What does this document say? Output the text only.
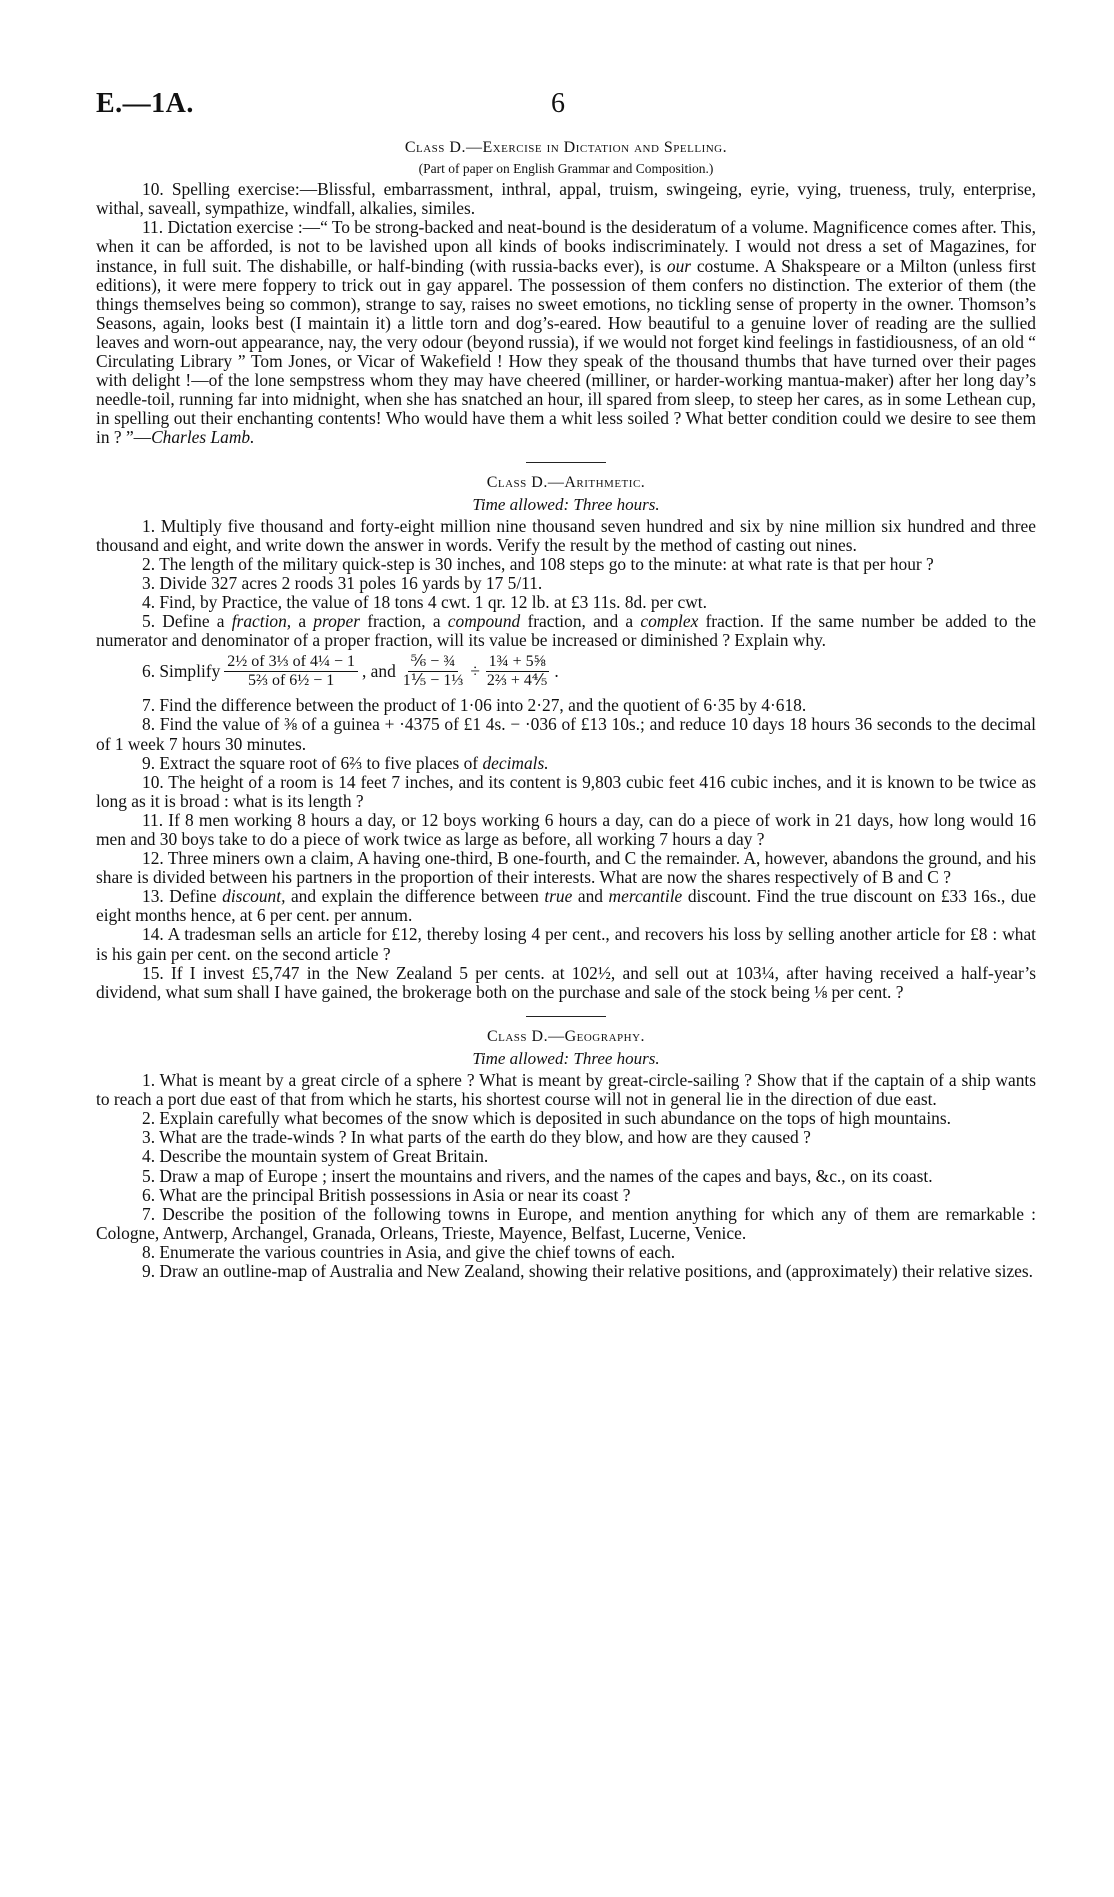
E.—1A.	6

Class D.—Exercise in Dictation and Spelling.

(Part of paper on English Grammar and Composition.)

10. Spelling exercise:—Blissful, embarrassment, inthral, appal, truism, swingeing, eyrie, vying, trueness, truly, enterprise, withal, saveall, sympathize, windfall, alkalies, similes.

11. Dictation exercise :—“ To be strong-backed and neat-bound is the desideratum of a volume. Magnificence comes after. This, when it can be afforded, is not to be lavished upon all kinds of books indiscriminately. I would not dress a set of Magazines, for instance, in full suit. The dishabille, or half-binding (with russia-backs ever), is our costume. A Shakspeare or a Milton (unless first editions), it were mere foppery to trick out in gay apparel. The possession of them confers no distinction. The exterior of them (the things themselves being so common), strange to say, raises no sweet emotions, no tickling sense of property in the owner. Thomson’s Seasons, again, looks best (I maintain it) a little torn and dog’s-eared. How beautiful to a genuine lover of reading are the sullied leaves and worn-out appearance, nay, the very odour (beyond russia), if we would not forget kind feelings in fastidiousness, of an old “ Circulating Library ” Tom Jones, or Vicar of Wakefield ! How they speak of the thousand thumbs that have turned over their pages with delight !—of the lone sempstress whom they may have cheered (milliner, or harder-working mantua-maker) after her long day’s needle-toil, running far into midnight, when she has snatched an hour, ill spared from sleep, to steep her cares, as in some Lethean cup, in spelling out their enchanting contents! Who would have them a whit less soiled ? What better condition could we desire to see them in ? ”—Charles Lamb.

Class D.—Arithmetic.

Time allowed: Three hours.

1. Multiply five thousand and forty-eight million nine thousand seven hundred and six by nine million six hundred and three thousand and eight, and write down the answer in words. Verify the result by the method of casting out nines.

2. The length of the military quick-step is 30 inches, and 108 steps go to the minute: at what rate is that per hour ?

3. Divide 327 acres 2 roods 31 poles 16 yards by 17 5/11.

4. Find, by Practice, the value of 18 tons 4 cwt. 1 qr. 12 lb. at £3 11s. 8d. per cwt.

5. Define a fraction, a proper fraction, a compound fraction, and a complex fraction. If the same number be added to the numerator and denominator of a proper fraction, will its value be increased or diminished ? Explain why.

6. Simplify $\frac{\text{2½ of 3⅓ of 4¼ − 1}}{\text{5⅔ of 6½ − 1}}$ , and $\frac{\text{⅚ − ¾}}{\text{1⅕ − 1⅓}} \div \frac{\text{1¾ + 5⅝}}{\text{2⅔ + 4⅘}}$ .

7. Find the difference between the product of 1·06 into 2·27, and the quotient of 6·35 by 4·618.

8. Find the value of ⅜ of a guinea + ·4375 of £1 4s. − ·036 of £13 10s.; and reduce 10 days 18 hours 36 seconds to the decimal of 1 week 7 hours 30 minutes.

9. Extract the square root of 6⅔ to five places of decimals.

10. The height of a room is 14 feet 7 inches, and its content is 9,803 cubic feet 416 cubic inches, and it is known to be twice as long as it is broad : what is its length ?

11. If 8 men working 8 hours a day, or 12 boys working 6 hours a day, can do a piece of work in 21 days, how long would 16 men and 30 boys take to do a piece of work twice as large as before, all working 7 hours a day ?

12. Three miners own a claim, A having one-third, B one-fourth, and C the remainder. A, however, abandons the ground, and his share is divided between his partners in the proportion of their interests. What are now the shares respectively of B and C ?

13. Define discount, and explain the difference between true and mercantile discount. Find the true discount on £33 16s., due eight months hence, at 6 per cent. per annum.

14. A tradesman sells an article for £12, thereby losing 4 per cent., and recovers his loss by selling another article for £8 : what is his gain per cent. on the second article ?

15. If I invest £5,747 in the New Zealand 5 per cents. at 102½, and sell out at 103¼, after having received a half-year’s dividend, what sum shall I have gained, the brokerage both on the purchase and sale of the stock being ⅛ per cent. ?

Class D.—Geography.

Time allowed: Three hours.

1. What is meant by a great circle of a sphere ? What is meant by great-circle-sailing ? Show that if the captain of a ship wants to reach a port due east of that from which he starts, his shortest course will not in general lie in the direction of due east.

2. Explain carefully what becomes of the snow which is deposited in such abundance on the tops of high mountains.

3. What are the trade-winds ? In what parts of the earth do they blow, and how are they caused ?

4. Describe the mountain system of Great Britain.

5. Draw a map of Europe ; insert the mountains and rivers, and the names of the capes and bays, &c., on its coast.

6. What are the principal British possessions in Asia or near its coast ?

7. Describe the position of the following towns in Europe, and mention anything for which any of them are remarkable : Cologne, Antwerp, Archangel, Granada, Orleans, Trieste, Mayence, Belfast, Lucerne, Venice.

8. Enumerate the various countries in Asia, and give the chief towns of each.

9. Draw an outline-map of Australia and New Zealand, showing their relative positions, and (approximately) their relative sizes.
